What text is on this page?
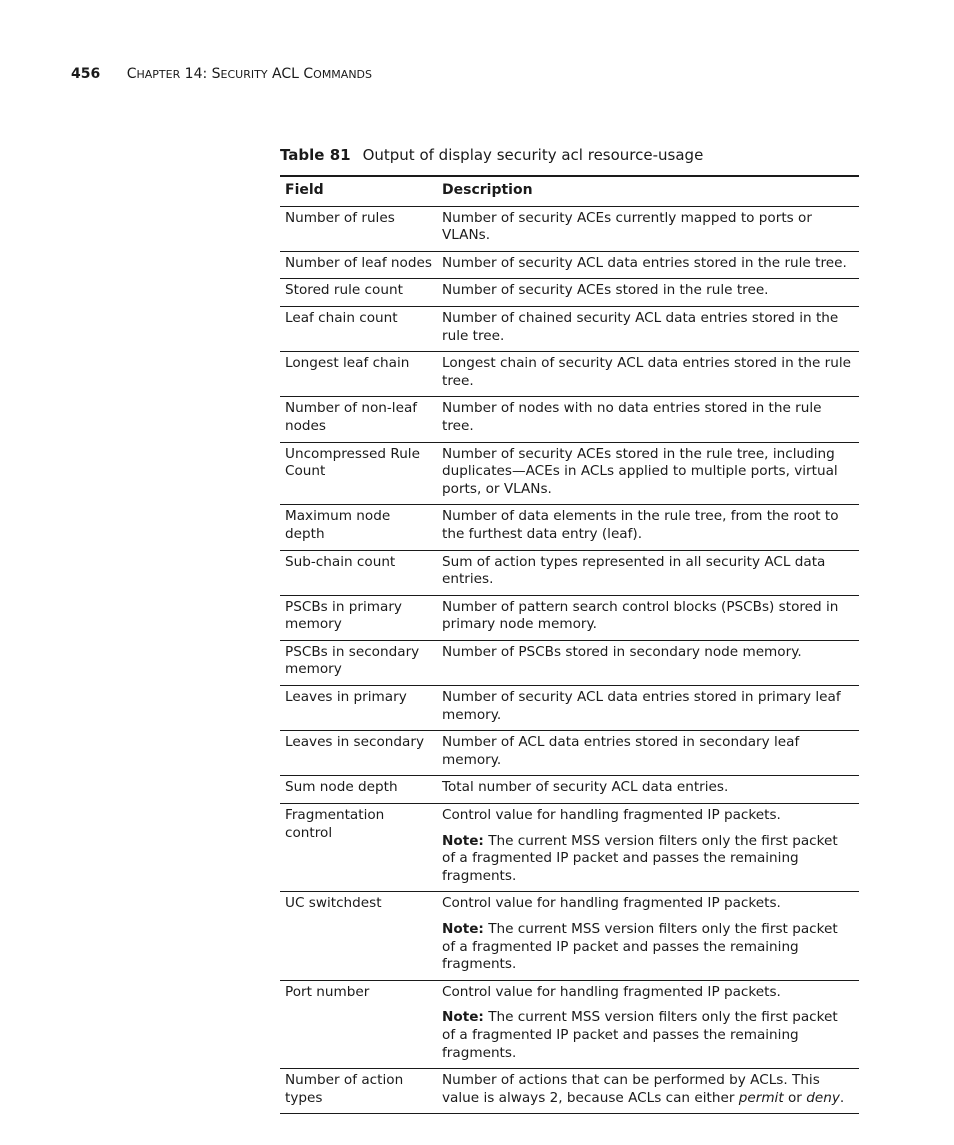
456 CHAPTER 14: SECURITY ACL COMMANDS
Table 81 Output of display security acl resource-usage
Field	Description
Number of rules	Number of security ACEs currently mapped to ports or VLANs.
Number of leaf nodes	Number of security ACL data entries stored in the rule tree.
Stored rule count	Number of security ACEs stored in the rule tree.
Leaf chain count	Number of chained security ACL data entries stored in the rule tree.
Longest leaf chain	Longest chain of security ACL data entries stored in the rule tree.
Number of non-leaf nodes	Number of nodes with no data entries stored in the rule tree.
Uncompressed Rule Count	Number of security ACEs stored in the rule tree, including duplicates—ACEs in ACLs applied to multiple ports, virtual ports, or VLANs.
Maximum node depth	Number of data elements in the rule tree, from the root to the furthest data entry (leaf).
Sub-chain count	Sum of action types represented in all security ACL data entries.
PSCBs in primary memory	Number of pattern search control blocks (PSCBs) stored in primary node memory.
PSCBs in secondary memory	Number of PSCBs stored in secondary node memory.
Leaves in primary	Number of security ACL data entries stored in primary leaf memory.
Leaves in secondary	Number of ACL data entries stored in secondary leaf memory.
Sum node depth	Total number of security ACL data entries.
Fragmentation control	Control value for handling fragmented IP packets.

Note: The current MSS version filters only the first packet of a fragmented IP packet and passes the remaining fragments.

UC switchdest	Control value for handling fragmented IP packets.

Note: The current MSS version filters only the first packet of a fragmented IP packet and passes the remaining fragments.

Port number	Control value for handling fragmented IP packets.

Note: The current MSS version filters only the first packet of a fragmented IP packet and passes the remaining fragments.

Number of action types	Number of actions that can be performed by ACLs. This value is always 2, because ACLs can either permit or deny.
